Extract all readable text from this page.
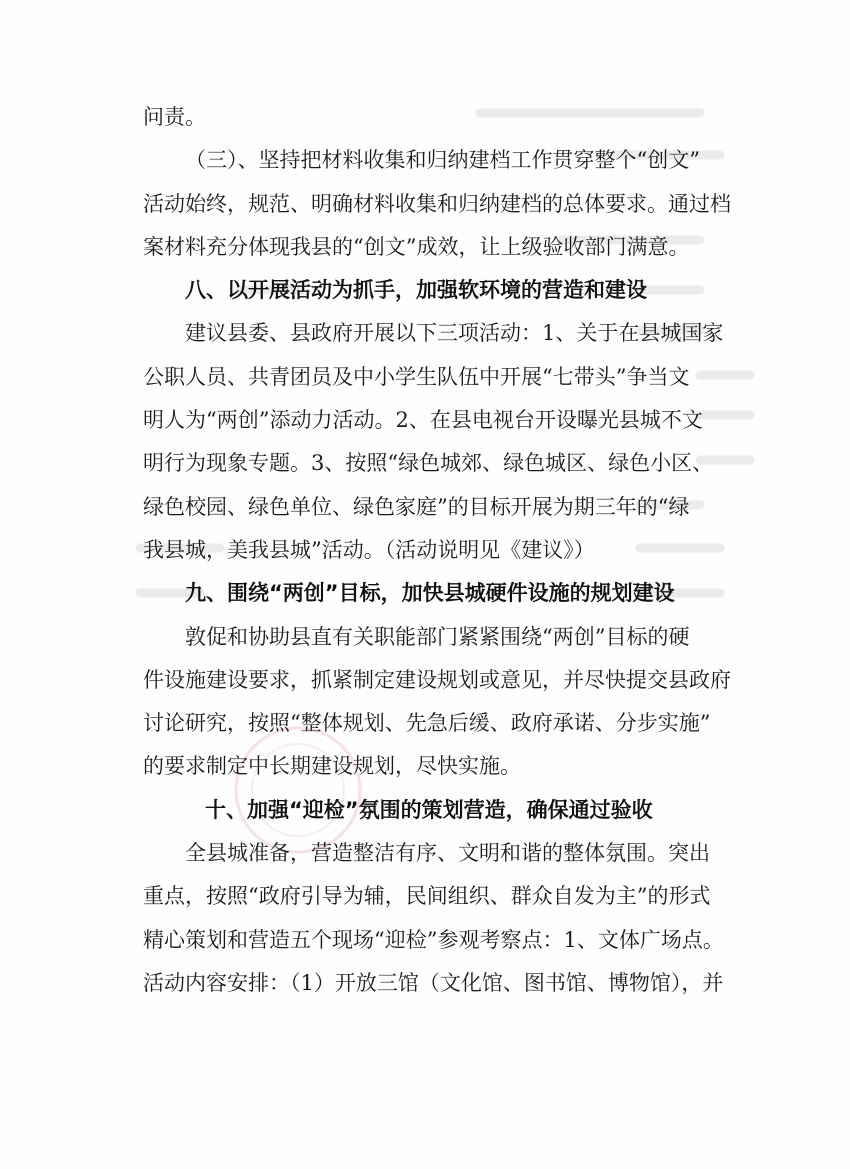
问责。
（三）、坚持把材料收集和归纳建档工作贯穿整个“创文”
活动始终，规范、明确材料收集和归纳建档的总体要求。通过档
案材料充分体现我县的“创文”成效，让上级验收部门满意。
八、以开展活动为抓手，加强软环境的营造和建设
建议县委、县政府开展以下三项活动：1、关于在县城国家
公职人员、共青团员及中小学生队伍中开展“七带头”争当文
明人为“两创”添动力活动。2、在县电视台开设曝光县城不文
明行为现象专题。3、按照“绿色城郊、绿色城区、绿色小区、
绿色校园、绿色单位、绿色家庭”的目标开展为期三年的“绿
我县城，美我县城”活动。（活动说明见《建议》）
九、围绕“两创”目标，加快县城硬件设施的规划建设
敦促和协助县直有关职能部门紧紧围绕“两创”目标的硬
件设施建设要求，抓紧制定建设规划或意见，并尽快提交县政府
讨论研究，按照“整体规划、先急后缓、政府承诺、分步实施”
的要求制定中长期建设规划，尽快实施。
十、加强“迎检”氛围的策划营造，确保通过验收
全县城准备，营造整洁有序、文明和谐的整体氛围。突出
重点，按照“政府引导为辅，民间组织、群众自发为主”的形式
精心策划和营造五个现场“迎检”参观考察点：1、文体广场点。
活动内容安排：（1）开放三馆（文化馆、图书馆、博物馆），并
